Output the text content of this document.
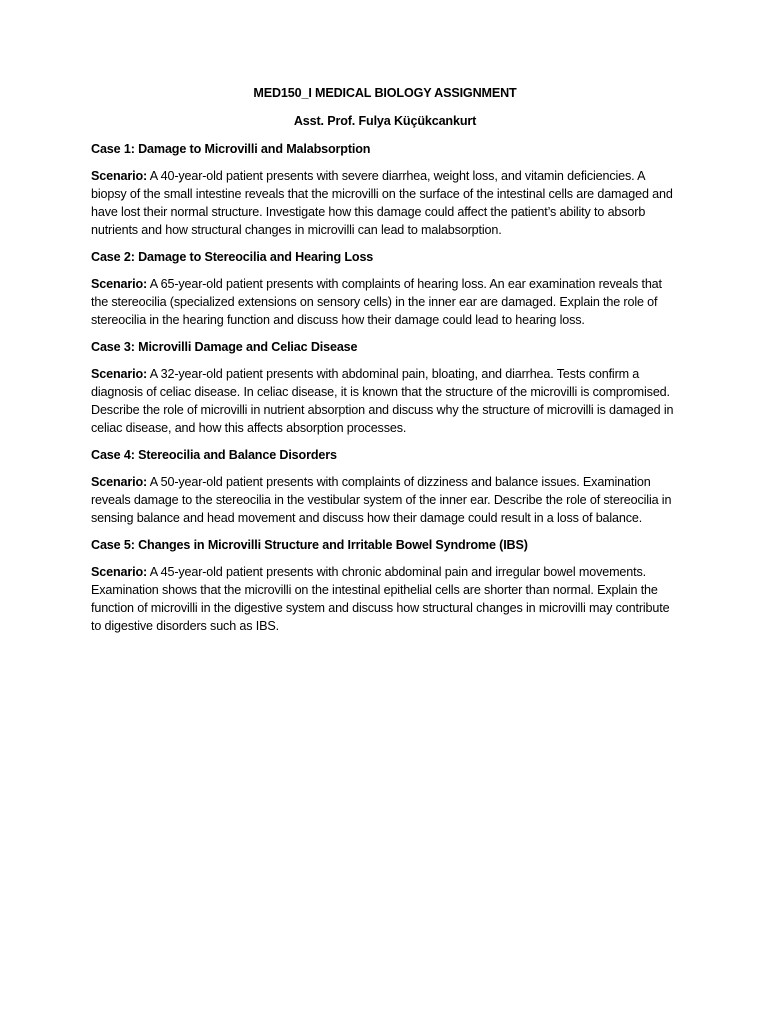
MED150_I MEDICAL BIOLOGY ASSIGNMENT
Asst. Prof. Fulya Küçükcankurt
Case 1: Damage to Microvilli and Malabsorption
Scenario: A 40-year-old patient presents with severe diarrhea, weight loss, and vitamin deficiencies. A biopsy of the small intestine reveals that the microvilli on the surface of the intestinal cells are damaged and have lost their normal structure. Investigate how this damage could affect the patient’s ability to absorb nutrients and how structural changes in microvilli can lead to malabsorption.
Case 2: Damage to Stereocilia and Hearing Loss
Scenario: A 65-year-old patient presents with complaints of hearing loss. An ear examination reveals that the stereocilia (specialized extensions on sensory cells) in the inner ear are damaged. Explain the role of stereocilia in the hearing function and discuss how their damage could lead to hearing loss.
Case 3: Microvilli Damage and Celiac Disease
Scenario: A 32-year-old patient presents with abdominal pain, bloating, and diarrhea. Tests confirm a diagnosis of celiac disease. In celiac disease, it is known that the structure of the microvilli is compromised. Describe the role of microvilli in nutrient absorption and discuss why the structure of microvilli is damaged in celiac disease, and how this affects absorption processes.
Case 4: Stereocilia and Balance Disorders
Scenario: A 50-year-old patient presents with complaints of dizziness and balance issues. Examination reveals damage to the stereocilia in the vestibular system of the inner ear. Describe the role of stereocilia in sensing balance and head movement and discuss how their damage could result in a loss of balance.
Case 5: Changes in Microvilli Structure and Irritable Bowel Syndrome (IBS)
Scenario: A 45-year-old patient presents with chronic abdominal pain and irregular bowel movements. Examination shows that the microvilli on the intestinal epithelial cells are shorter than normal. Explain the function of microvilli in the digestive system and discuss how structural changes in microvilli may contribute to digestive disorders such as IBS.
